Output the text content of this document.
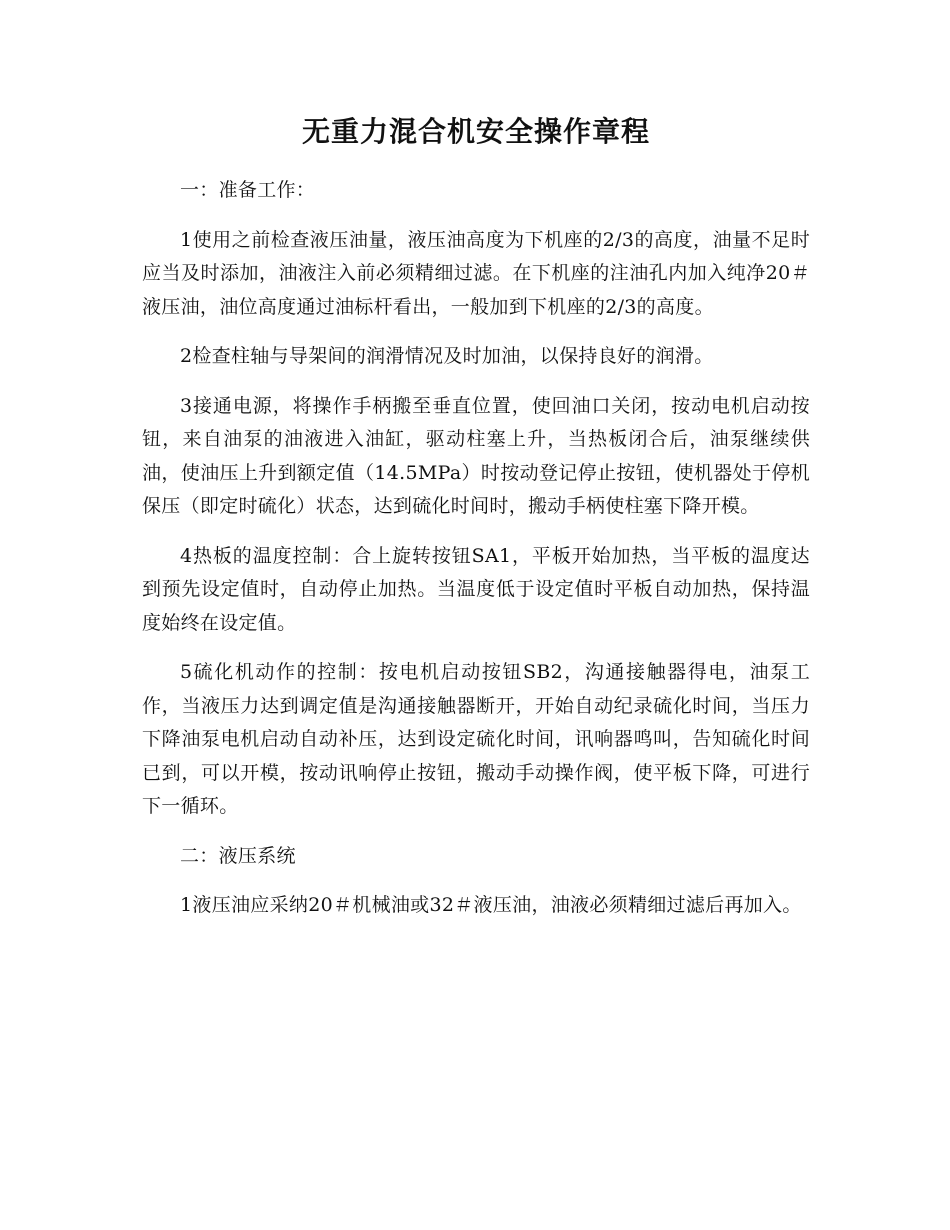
无重力混合机安全操作章程
一：准备工作：

1使用之前检查液压油量，液压油高度为下机座的2/3的高度，油量不足时应当及时添加，油液注入前必须精细过滤。在下机座的注油孔内加入纯净20＃液压油，油位高度通过油标杆看出，一般加到下机座的2/3的高度。

2检查柱轴与导架间的润滑情况及时加油，以保持良好的润滑。

3接通电源，将操作手柄搬至垂直位置，使回油口关闭，按动电机启动按钮，来自油泵的油液进入油缸，驱动柱塞上升，当热板闭合后，油泵继续供油，使油压上升到额定值（14.5MPa）时按动登记停止按钮，使机器处于停机保压（即定时硫化）状态，达到硫化时间时，搬动手柄使柱塞下降开模。

4热板的温度控制：合上旋转按钮SA1，平板开始加热，当平板的温度达到预先设定值时，自动停止加热。当温度低于设定值时平板自动加热，保持温度始终在设定值。

5硫化机动作的控制：按电机启动按钮SB2，沟通接触器得电，油泵工作，当液压力达到调定值是沟通接触器断开，开始自动纪录硫化时间，当压力下降油泵电机启动自动补压，达到设定硫化时间，讯响器鸣叫，告知硫化时间已到，可以开模，按动讯响停止按钮，搬动手动操作阀，使平板下降，可进行下一循环。

二：液压系统

1液压油应采纳20＃机械油或32＃液压油，油液必须精细过滤后再加入。
